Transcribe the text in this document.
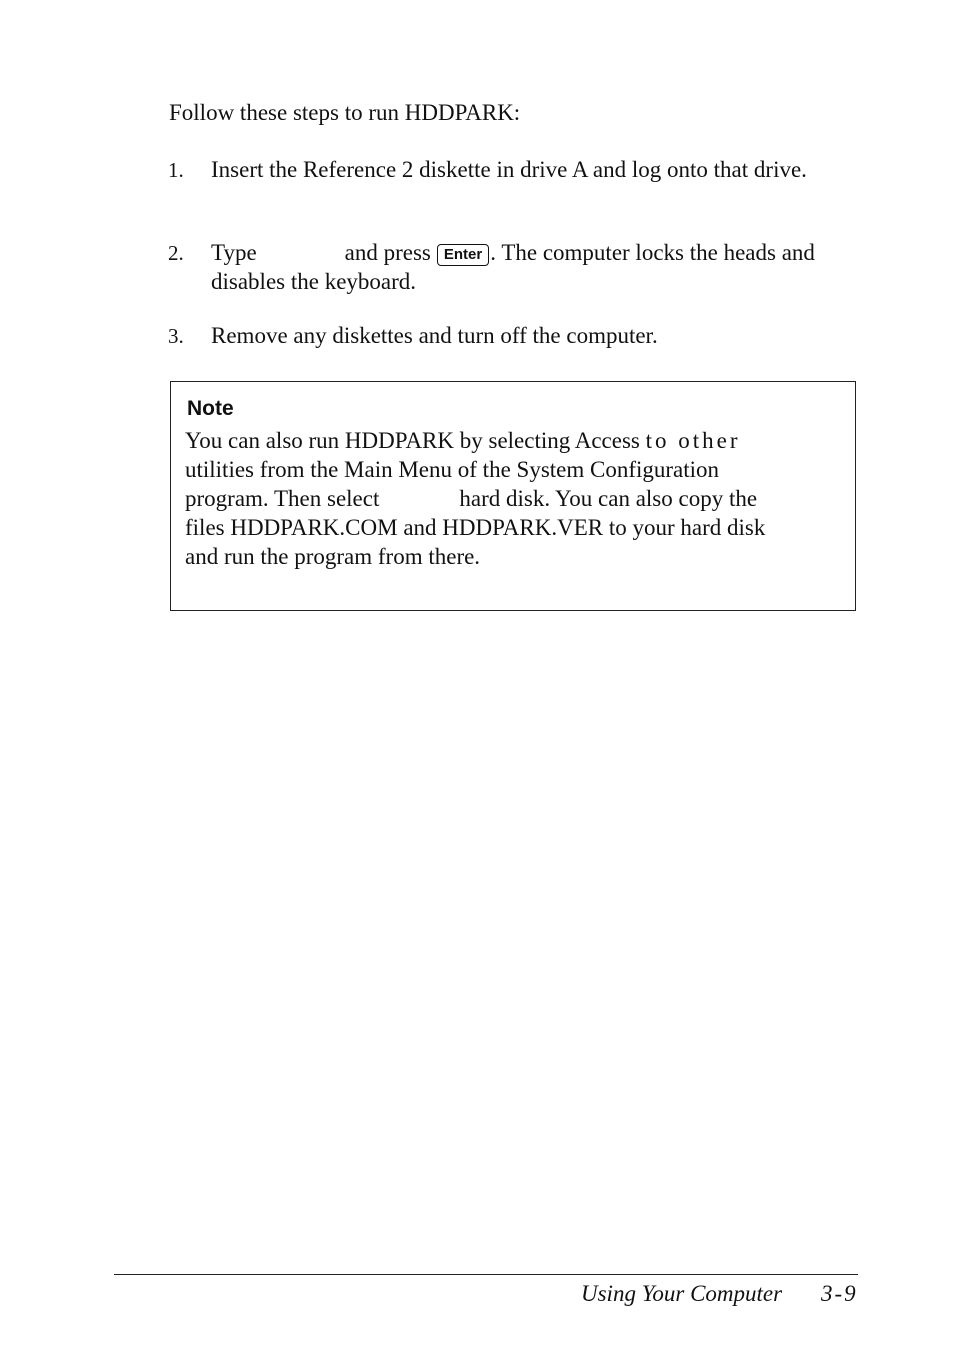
Follow these steps to run HDDPARK:
1. Insert the Reference 2 diskette in drive A and log onto that drive.
2. Type	and press Enter . The computer locks the heads and disables the keyboard.
3. Remove any diskettes and turn off the computer.
Note
You can also run HDDPARK by selecting Access to other utilities from the Main Menu of the System Configuration program. Then select	hard disk. You can also copy the files HDDPARK.COM and HDDPARK.VER to your hard disk and run the program from there.
Using Your Computer 3-9
